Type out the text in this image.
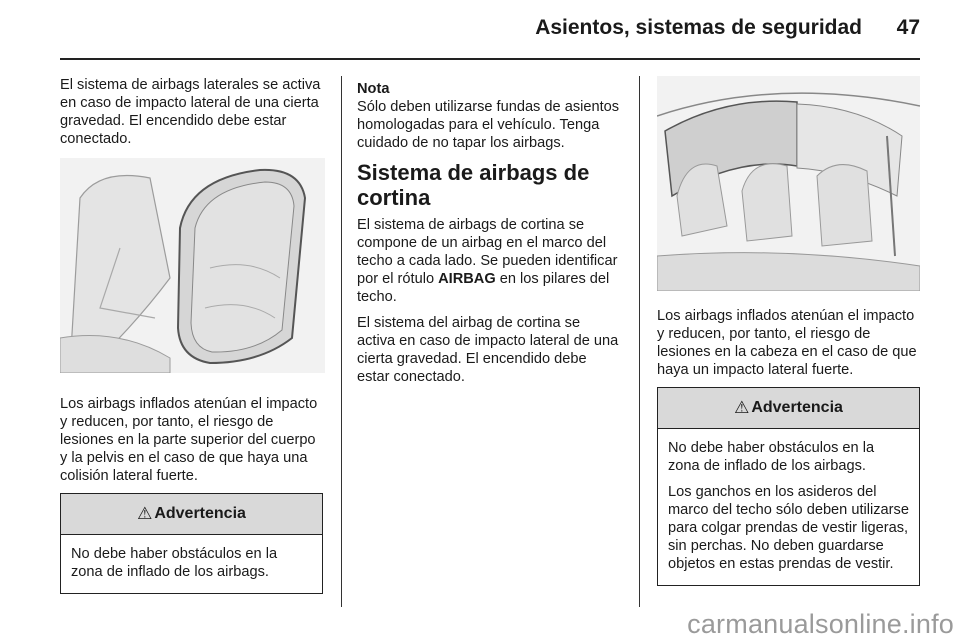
Asientos, sistemas de seguridad 47

El sistema de airbags laterales se activa en caso de impacto lateral de una cierta gravedad. El encendido debe estar conectado.

Los airbags inflados atenúan el impacto y reducen, por tanto, el riesgo de lesiones en la parte superior del cuerpo y la pelvis en el caso de que haya una colisión lateral fuerte.

⚠ Advertencia

No debe haber obstáculos en la zona de inflado de los airbags.

Nota

Sólo deben utilizarse fundas de asientos homologadas para el vehículo. Tenga cuidado de no tapar los airbags.

Sistema de airbags de cortina

El sistema de airbags de cortina se compone de un airbag en el marco del techo a cada lado. Se pueden identificar por el rótulo AIRBAG en los pilares del techo.

El sistema del airbag de cortina se activa en caso de impacto lateral de una cierta gravedad. El encendido debe estar conectado.

Los airbags inflados atenúan el impacto y reducen, por tanto, el riesgo de lesiones en la cabeza en el caso de que haya un impacto lateral fuerte.

⚠ Advertencia

No debe haber obstáculos en la zona de inflado de los airbags.

Los ganchos en los asideros del marco del techo sólo deben utilizarse para colgar prendas de vestir ligeras, sin perchas. No deben guardarse objetos en estas prendas de vestir.

carmanualsonline.info
